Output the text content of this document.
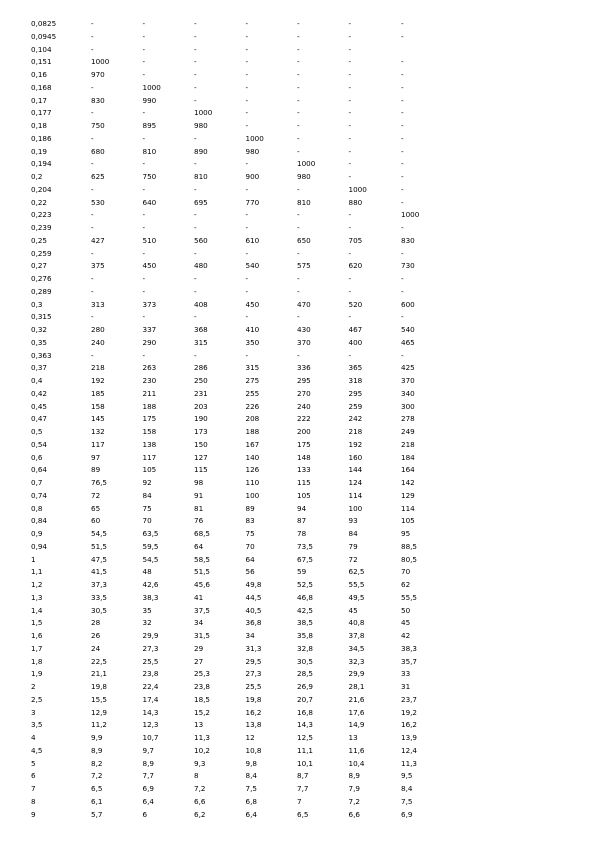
0,0825	-	-	-	-	-	-	-
0,0945	-	-	-	-	-	-	-
0,104	-	-	-	-	-	-
0,151	1000	-	-	-	-	-	-
0,16	970	-	-	-	-	-	-
0,168	-	1000	-	-	-	-	-
0,17	830	990	-	-	-	-	-
0,177	-	-	1000	-	-	-	-
0,18	750	895	980	-	-	-	-
0,186	-	-	-	1000	-	-	-
0,19	680	810	890	980	-	-	-
0,194	-	-	-	-	1000	-	-
0,2	625	750	810	900	980	-	-
0,204	-	-	-	-	-	1000	-
0,22	530	640	695	770	810	880	-
0,223	-	-	-	-	-	-	1000
0,239	-	-	-	-	-	-	-
0,25	427	510	560	610	650	705	830
0,259	-	-	-	-	-	-	-
0,27	375	450	480	540	575	620	730
0,276	-	-	-	-	-	-	-
0,289	-	-	-	-	-	-	-
0,3	313	373	408	450	470	520	600
0,315	-	-	-	-	-	-	-
0,32	280	337	368	410	430	467	540
0,35	240	290	315	350	370	400	465
0,363	-	-	-	-	-	-	-
0,37	218	263	286	315	336	365	425
0,4	192	230	250	275	295	318	370
0,42	185	211	231	255	270	295	340
0,45	158	188	203	226	240	259	300
0,47	145	175	190	208	222	242	278
0,5	132	158	173	188	200	218	249
0,54	117	138	150	167	175	192	218
0,6	97	117	127	140	148	160	184
0,64	89	105	115	126	133	144	164
0,7	76,5	92	98	110	115	124	142
0,74	72	84	91	100	105	114	129
0,8	65	75	81	89	94	100	114
0,84	60	70	76	83	87	93	105
0,9	54,5	63,5	68,5	75	78	84	95
0,94	51,5	59,5	64	70	73,5	79	88,5
1	47,5	54,5	58,5	64	67,5	72	80,5
1,1	41,5	48	51,5	56	59	62,5	70
1,2	37,3	42,6	45,6	49,8	52,5	55,5	62
1,3	33,5	38,3	41	44,5	46,8	49,5	55,5
1,4	30,5	35	37,5	40,5	42,5	45	50
1,5	28	32	34	36,8	38,5	40,8	45
1,6	26	29,9	31,5	34	35,8	37,8	42
1,7	24	27,3	29	31,3	32,8	34,5	38,3
1,8	22,5	25,5	27	29,5	30,5	32,3	35,7
1,9	21,1	23,8	25,3	27,3	28,5	29,9	33
2	19,8	22,4	23,8	25,5	26,9	28,1	31
2,5	15,5	17,4	18,5	19,8	20,7	21,6	23,7
3	12,9	14,3	15,2	16,2	16,8	17,6	19,2
3,5	11,2	12,3	13	13,8	14,3	14,9	16,2
4	9,9	10,7	11,3	12	12,5	13	13,9
4,5	8,9	9,7	10,2	10,8	11,1	11,6	12,4
5	8,2	8,9	9,3	9,8	10,1	10,4	11,3
6	7,2	7,7	8	8,4	8,7	8,9	9,5
7	6,5	6,9	7,2	7,5	7,7	7,9	8,4
8	6,1	6,4	6,6	6,8	7	7,2	7,5
9	5,7	6	6,2	6,4	6,5	6,6	6,9
